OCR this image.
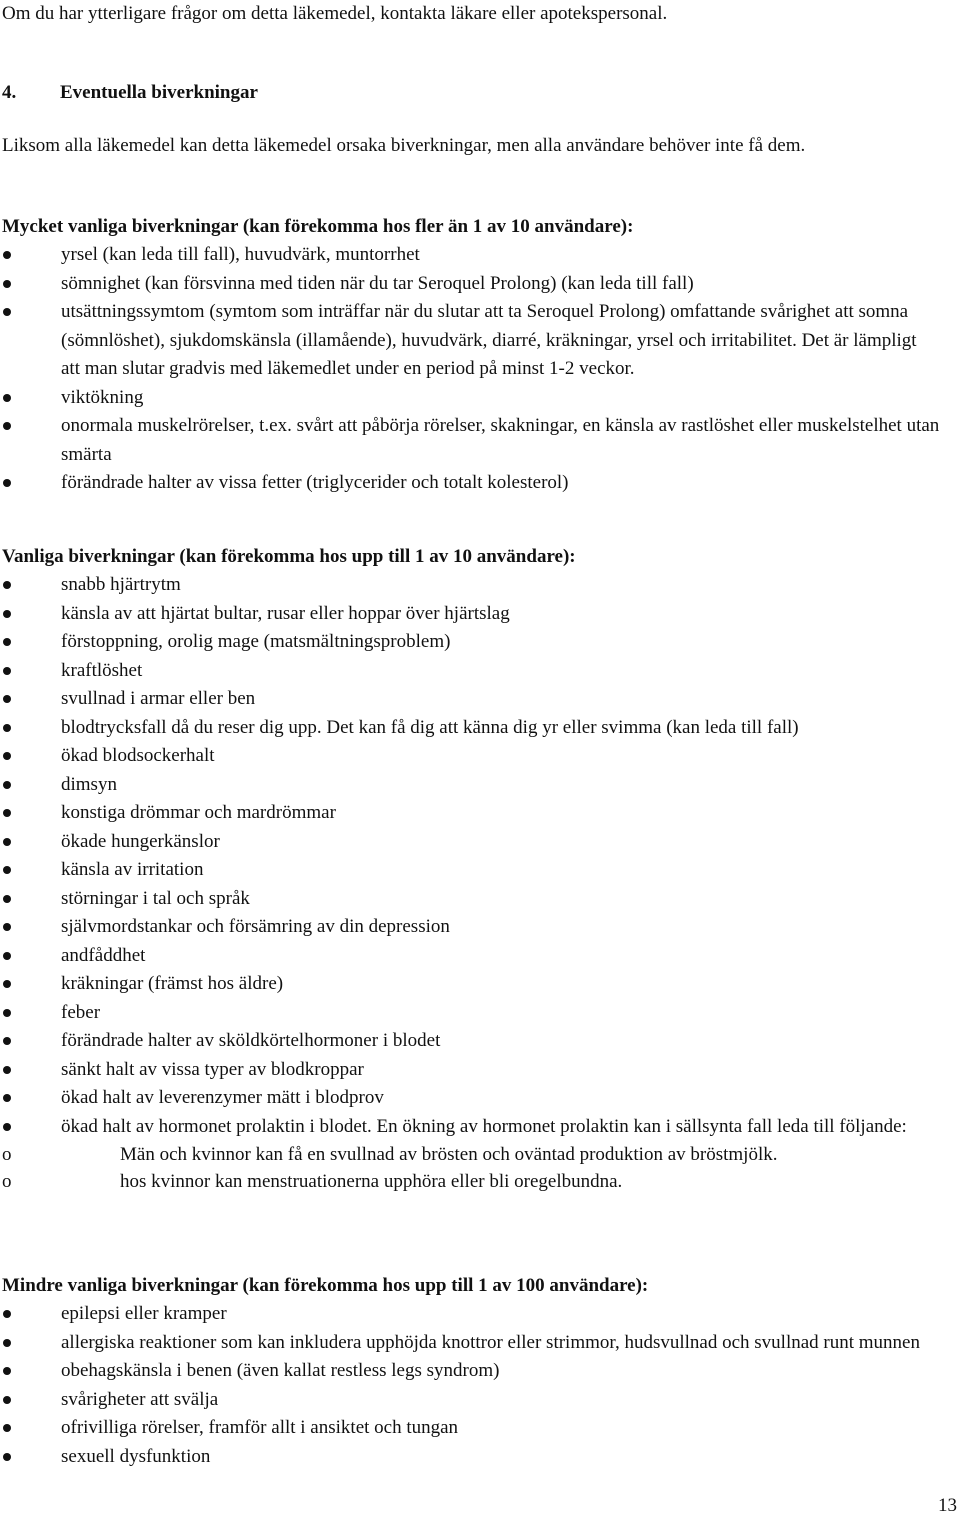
Om du har ytterligare frågor om detta läkemedel, kontakta läkare eller apotekspersonal.

4.	Eventuella biverkningar

Liksom alla läkemedel kan detta läkemedel orsaka biverkningar, men alla användare behöver inte få dem.

Mycket vanliga biverkningar (kan förekomma hos fler än 1 av 10 användare):

yrsel (kan leda till fall), huvudvärk, muntorrhet
sömnighet (kan försvinna med tiden när du tar Seroquel Prolong) (kan leda till fall)
utsättningssymtom (symtom som inträffar när du slutar att ta Seroquel Prolong) omfattande svårighet att somna (sömnlöshet), sjukdomskänsla (illamående), huvudvärk, diarré, kräkningar, yrsel och irritabilitet. Det är lämpligt att man slutar gradvis med läkemedlet under en period på minst 1-2 veckor.
viktökning
onormala muskelrörelser, t.ex. svårt att påbörja rörelser, skakningar, en känsla av rastlöshet eller muskelstelhet utan smärta
förändrade halter av vissa fetter (triglycerider och totalt kolesterol)

Vanliga biverkningar (kan förekomma hos upp till 1 av 10 användare):

snabb hjärtrytm
känsla av att hjärtat bultar, rusar eller hoppar över hjärtslag
förstoppning, orolig mage (matsmältningsproblem)
kraftlöshet
svullnad i armar eller ben
blodtrycksfall då du reser dig upp. Det kan få dig att känna dig yr eller svimma (kan leda till fall)
ökad blodsockerhalt
dimsyn
konstiga drömmar och mardrömmar
ökade hungerkänslor
känsla av irritation
störningar i tal och språk
självmordstankar och försämring av din depression
andfåddhet
kräkningar (främst hos äldre)
feber
förändrade halter av sköldkörtelhormoner i blodet
sänkt halt av vissa typer av blodkroppar
ökad halt av leverenzymer mätt i blodprov
ökad halt av hormonet prolaktin i blodet. En ökning av hormonet prolaktin kan i sällsynta fall leda till följande:
o	Män och kvinnor kan få en svullnad av brösten och oväntad produktion av bröstmjölk.
o	hos kvinnor kan menstruationerna upphöra eller bli oregelbundna.

Mindre vanliga biverkningar (kan förekomma hos upp till 1 av 100 användare):

epilepsi eller kramper
allergiska reaktioner som kan inkludera upphöjda knottror eller strimmor, hudsvullnad och svullnad runt munnen
obehagskänsla i benen (även kallat restless legs syndrom)
svårigheter att svälja
ofrivilliga rörelser, framför allt i ansiktet och tungan
sexuell dysfunktion
13
